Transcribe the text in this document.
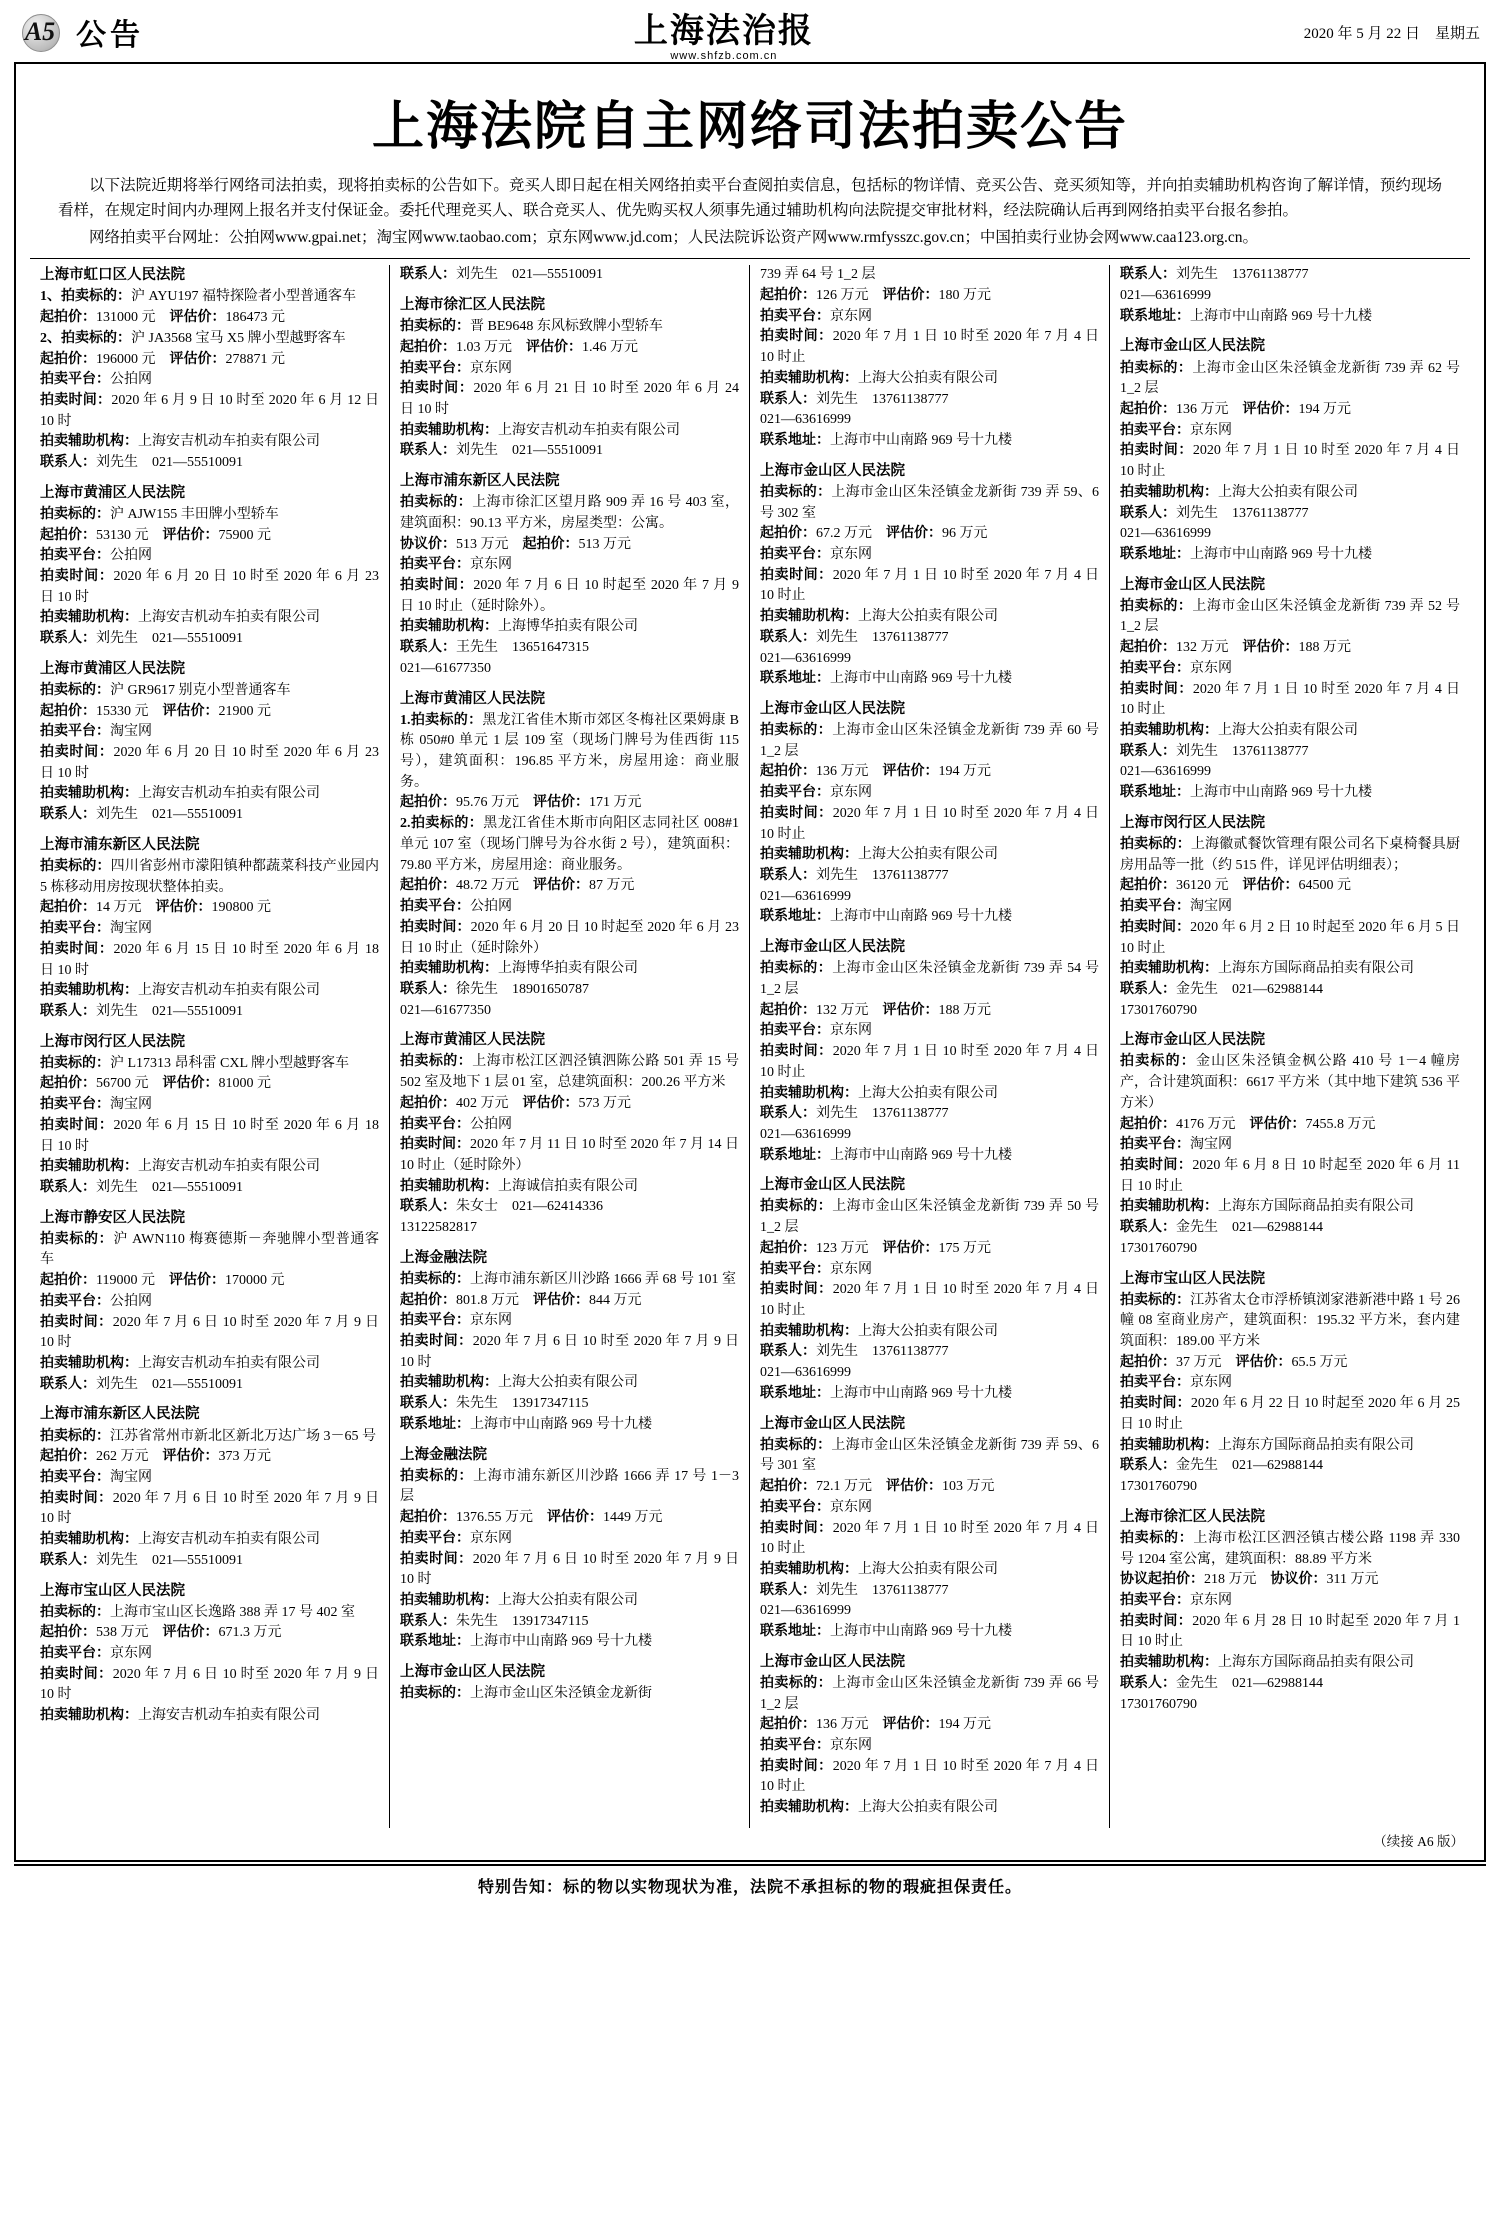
A5 公告	上海法治报
www.shfzb.com.cn
2020 年 5 月 22 日　星期五
上海法院自主网络司法拍卖公告

以下法院近期将举行网络司法拍卖，现将拍卖标的公告如下。竞买人即日起在相关网络拍卖平台查阅拍卖信息，包括标的物详情、竞买公告、竞买须知等，并向拍卖辅助机构咨询了解详情，预约现场看样，在规定时间内办理网上报名并支付保证金。委托代理竞买人、联合竞买人、优先购买权人须事先通过辅助机构向法院提交审批材料，经法院确认后再到网络拍卖平台报名参拍。

网络拍卖平台网址：公拍网www.gpai.net；淘宝网www.taobao.com；京东网www.jd.com；人民法院诉讼资产网www.rmfysszc.gov.cn；中国拍卖行业协会网www.caa123.org.cn。

上海市虹口区人民法院
1、拍卖标的：沪 AYU197 福特探险者小型普通客车
起拍价：131000 元　评估价：186473 元
2、拍卖标的：沪 JA3568 宝马 X5 牌小型越野客车
起拍价：196000 元　评估价：278871 元
拍卖平台：公拍网
拍卖时间：2020 年 6 月 9 日 10 时至 2020 年 6 月 12 日 10 时
拍卖辅助机构：上海安吉机动车拍卖有限公司
联系人：刘先生　021—55510091
上海市黄浦区人民法院
拍卖标的：沪 AJW155 丰田牌小型轿车
起拍价：53130 元　评估价：75900 元
拍卖平台：公拍网
拍卖时间：2020 年 6 月 20 日 10 时至 2020 年 6 月 23 日 10 时
拍卖辅助机构：上海安吉机动车拍卖有限公司
联系人：刘先生　021—55510091
上海市黄浦区人民法院
拍卖标的：沪 GR9617 别克小型普通客车
起拍价：15330 元　评估价：21900 元
拍卖平台：淘宝网
拍卖时间：2020 年 6 月 20 日 10 时至 2020 年 6 月 23 日 10 时
拍卖辅助机构：上海安吉机动车拍卖有限公司
联系人：刘先生　021—55510091
上海市浦东新区人民法院
拍卖标的：四川省彭州市濛阳镇种都蔬菜科技产业园内 5 栋移动用房按现状整体拍卖。
起拍价：14 万元　评估价：190800 元
拍卖平台：淘宝网
拍卖时间：2020 年 6 月 15 日 10 时至 2020 年 6 月 18 日 10 时
拍卖辅助机构：上海安吉机动车拍卖有限公司
联系人：刘先生　021—55510091
上海市闵行区人民法院
拍卖标的：沪 L17313 昂科雷 CXL 牌小型越野客车
起拍价：56700 元　评估价：81000 元
拍卖平台：淘宝网
拍卖时间：2020 年 6 月 15 日 10 时至 2020 年 6 月 18 日 10 时
拍卖辅助机构：上海安吉机动车拍卖有限公司
联系人：刘先生　021—55510091
上海市静安区人民法院
拍卖标的：沪 AWN110 梅赛德斯－奔驰牌小型普通客车
起拍价：119000 元　评估价：170000 元
拍卖平台：公拍网
拍卖时间：2020 年 7 月 6 日 10 时至 2020 年 7 月 9 日 10 时
拍卖辅助机构：上海安吉机动车拍卖有限公司
联系人：刘先生　021—55510091
上海市浦东新区人民法院
拍卖标的：江苏省常州市新北区新北万达广场 3－65 号
起拍价：262 万元　评估价：373 万元
拍卖平台：淘宝网
拍卖时间：2020 年 7 月 6 日 10 时至 2020 年 7 月 9 日 10 时
拍卖辅助机构：上海安吉机动车拍卖有限公司
联系人：刘先生　021—55510091
上海市宝山区人民法院
拍卖标的：上海市宝山区长逸路 388 弄 17 号 402 室
起拍价：538 万元　评估价：671.3 万元
拍卖平台：京东网
拍卖时间：2020 年 7 月 6 日 10 时至 2020 年 7 月 9 日 10 时
拍卖辅助机构：上海安吉机动车拍卖有限公司
联系人：刘先生　021—55510091
上海市徐汇区人民法院
拍卖标的：晋 BE9648 东风标致牌小型轿车
起拍价：1.03 万元　评估价：1.46 万元
拍卖平台：京东网
拍卖时间：2020 年 6 月 21 日 10 时至 2020 年 6 月 24 日 10 时
拍卖辅助机构：上海安吉机动车拍卖有限公司
联系人：刘先生　021—55510091
上海市浦东新区人民法院
拍卖标的：上海市徐汇区望月路 909 弄 16 号 403 室，建筑面积：90.13 平方米，房屋类型：公寓。
协议价：513 万元　起拍价：513 万元
拍卖平台：京东网
拍卖时间：2020 年 7 月 6 日 10 时起至 2020 年 7 月 9 日 10 时止（延时除外）。
拍卖辅助机构：上海博华拍卖有限公司
联系人：王先生　13651647315
021—61677350
上海市黄浦区人民法院
1.拍卖标的：黑龙江省佳木斯市郊区冬梅社区栗姆康 B 栋 050#0 单元 1 层 109 室（现场门牌号为佳西街 115 号），建筑面积：196.85 平方米，房屋用途：商业服务。
起拍价：95.76 万元　评估价：171 万元
2.拍卖标的：黑龙江省佳木斯市向阳区志同社区 008#1 单元 107 室（现场门牌号为谷水街 2 号），建筑面积：79.80 平方米，房屋用途：商业服务。
起拍价：48.72 万元　评估价：87 万元
拍卖平台：公拍网
拍卖时间：2020 年 6 月 20 日 10 时起至 2020 年 6 月 23 日 10 时止（延时除外）
拍卖辅助机构：上海博华拍卖有限公司
联系人：徐先生　18901650787
021—61677350
上海市黄浦区人民法院
拍卖标的：上海市松江区泗泾镇泗陈公路 501 弄 15 号 502 室及地下 1 层 01 室，总建筑面积：200.26 平方米
起拍价：402 万元　评估价：573 万元
拍卖平台：公拍网
拍卖时间：2020 年 7 月 11 日 10 时至 2020 年 7 月 14 日 10 时止（延时除外）
拍卖辅助机构：上海诚信拍卖有限公司
联系人：朱女士　021—62414336
13122582817
上海金融法院
拍卖标的：上海市浦东新区川沙路 1666 弄 68 号 101 室
起拍价：801.8 万元　评估价：844 万元
拍卖平台：京东网
拍卖时间：2020 年 7 月 6 日 10 时至 2020 年 7 月 9 日 10 时
拍卖辅助机构：上海大公拍卖有限公司
联系人：朱先生　13917347115
联系地址：上海市中山南路 969 号十九楼
上海金融法院
拍卖标的：上海市浦东新区川沙路 1666 弄 17 号 1－3 层
起拍价：1376.55 万元　评估价：1449 万元
拍卖平台：京东网
拍卖时间：2020 年 7 月 6 日 10 时至 2020 年 7 月 9 日 10 时
拍卖辅助机构：上海大公拍卖有限公司
联系人：朱先生　13917347115
联系地址：上海市中山南路 969 号十九楼
上海市金山区人民法院
拍卖标的：上海市金山区朱泾镇金龙新街
739 弄 64 号 1_2 层
起拍价：126 万元　评估价：180 万元
拍卖平台：京东网
拍卖时间：2020 年 7 月 1 日 10 时至 2020 年 7 月 4 日 10 时止
拍卖辅助机构：上海大公拍卖有限公司
联系人：刘先生　13761138777
021—63616999
联系地址：上海市中山南路 969 号十九楼
上海市金山区人民法院
拍卖标的：上海市金山区朱泾镇金龙新街 739 弄 59、6 号 302 室
起拍价：67.2 万元　评估价：96 万元
拍卖平台：京东网
拍卖时间：2020 年 7 月 1 日 10 时至 2020 年 7 月 4 日 10 时止
拍卖辅助机构：上海大公拍卖有限公司
联系人：刘先生　13761138777
021—63616999
联系地址：上海市中山南路 969 号十九楼
上海市金山区人民法院
拍卖标的：上海市金山区朱泾镇金龙新街 739 弄 60 号 1_2 层
起拍价：136 万元　评估价：194 万元
拍卖平台：京东网
拍卖时间：2020 年 7 月 1 日 10 时至 2020 年 7 月 4 日 10 时止
拍卖辅助机构：上海大公拍卖有限公司
联系人：刘先生　13761138777
021—63616999
联系地址：上海市中山南路 969 号十九楼
上海市金山区人民法院
拍卖标的：上海市金山区朱泾镇金龙新街 739 弄 54 号 1_2 层
起拍价：132 万元　评估价：188 万元
拍卖平台：京东网
拍卖时间：2020 年 7 月 1 日 10 时至 2020 年 7 月 4 日 10 时止
拍卖辅助机构：上海大公拍卖有限公司
联系人：刘先生　13761138777
021—63616999
联系地址：上海市中山南路 969 号十九楼
上海市金山区人民法院
拍卖标的：上海市金山区朱泾镇金龙新街 739 弄 50 号 1_2 层
起拍价：123 万元　评估价：175 万元
拍卖平台：京东网
拍卖时间：2020 年 7 月 1 日 10 时至 2020 年 7 月 4 日 10 时止
拍卖辅助机构：上海大公拍卖有限公司
联系人：刘先生　13761138777
021—63616999
联系地址：上海市中山南路 969 号十九楼
上海市金山区人民法院
拍卖标的：上海市金山区朱泾镇金龙新街 739 弄 59、6 号 301 室
起拍价：72.1 万元　评估价：103 万元
拍卖平台：京东网
拍卖时间：2020 年 7 月 1 日 10 时至 2020 年 7 月 4 日 10 时止
拍卖辅助机构：上海大公拍卖有限公司
联系人：刘先生　13761138777
021—63616999
联系地址：上海市中山南路 969 号十九楼
上海市金山区人民法院
拍卖标的：上海市金山区朱泾镇金龙新街 739 弄 66 号 1_2 层
起拍价：136 万元　评估价：194 万元
拍卖平台：京东网
拍卖时间：2020 年 7 月 1 日 10 时至 2020 年 7 月 4 日 10 时止
拍卖辅助机构：上海大公拍卖有限公司
联系人：刘先生　13761138777
021—63616999
联系地址：上海市中山南路 969 号十九楼
上海市金山区人民法院
拍卖标的：上海市金山区朱泾镇金龙新街 739 弄 62 号 1_2 层
起拍价：136 万元　评估价：194 万元
拍卖平台：京东网
拍卖时间：2020 年 7 月 1 日 10 时至 2020 年 7 月 4 日 10 时止
拍卖辅助机构：上海大公拍卖有限公司
联系人：刘先生　13761138777
021—63616999
联系地址：上海市中山南路 969 号十九楼
上海市金山区人民法院
拍卖标的：上海市金山区朱泾镇金龙新街 739 弄 52 号 1_2 层
起拍价：132 万元　评估价：188 万元
拍卖平台：京东网
拍卖时间：2020 年 7 月 1 日 10 时至 2020 年 7 月 4 日 10 时止
拍卖辅助机构：上海大公拍卖有限公司
联系人：刘先生　13761138777
021—63616999
联系地址：上海市中山南路 969 号十九楼
上海市闵行区人民法院
拍卖标的：上海徽贰餐饮管理有限公司名下桌椅餐具厨房用品等一批（约 515 件，详见评估明细表）；
起拍价：36120 元　评估价：64500 元
拍卖平台：淘宝网
拍卖时间：2020 年 6 月 2 日 10 时起至 2020 年 6 月 5 日 10 时止
拍卖辅助机构：上海东方国际商品拍卖有限公司
联系人：金先生　021—62988144
17301760790
上海市金山区人民法院
拍卖标的：金山区朱泾镇金枫公路 410 号 1－4 幢房产，合计建筑面积：6617 平方米（其中地下建筑 536 平方米）
起拍价：4176 万元　评估价：7455.8 万元
拍卖平台：淘宝网
拍卖时间：2020 年 6 月 8 日 10 时起至 2020 年 6 月 11 日 10 时止
拍卖辅助机构：上海东方国际商品拍卖有限公司
联系人：金先生　021—62988144
17301760790
上海市宝山区人民法院
拍卖标的：江苏省太仓市浮桥镇浏家港新港中路 1 号 26 幢 08 室商业房产，建筑面积：195.32 平方米，套内建筑面积：189.00 平方米
起拍价：37 万元　评估价：65.5 万元
拍卖平台：京东网
拍卖时间：2020 年 6 月 22 日 10 时起至 2020 年 6 月 25 日 10 时止
拍卖辅助机构：上海东方国际商品拍卖有限公司
联系人：金先生　021—62988144
17301760790
上海市徐汇区人民法院
拍卖标的：上海市松江区泗泾镇古楼公路 1198 弄 330 号 1204 室公寓，建筑面积：88.89 平方米
协议起拍价：218 万元　协议价：311 万元
拍卖平台：京东网
拍卖时间：2020 年 6 月 28 日 10 时起至 2020 年 7 月 1 日 10 时止
拍卖辅助机构：上海东方国际商品拍卖有限公司
联系人：金先生　021—62988144
17301760790
（续接 A6 版）
特别告知：标的物以实物现状为准，法院不承担标的物的瑕疵担保责任。
